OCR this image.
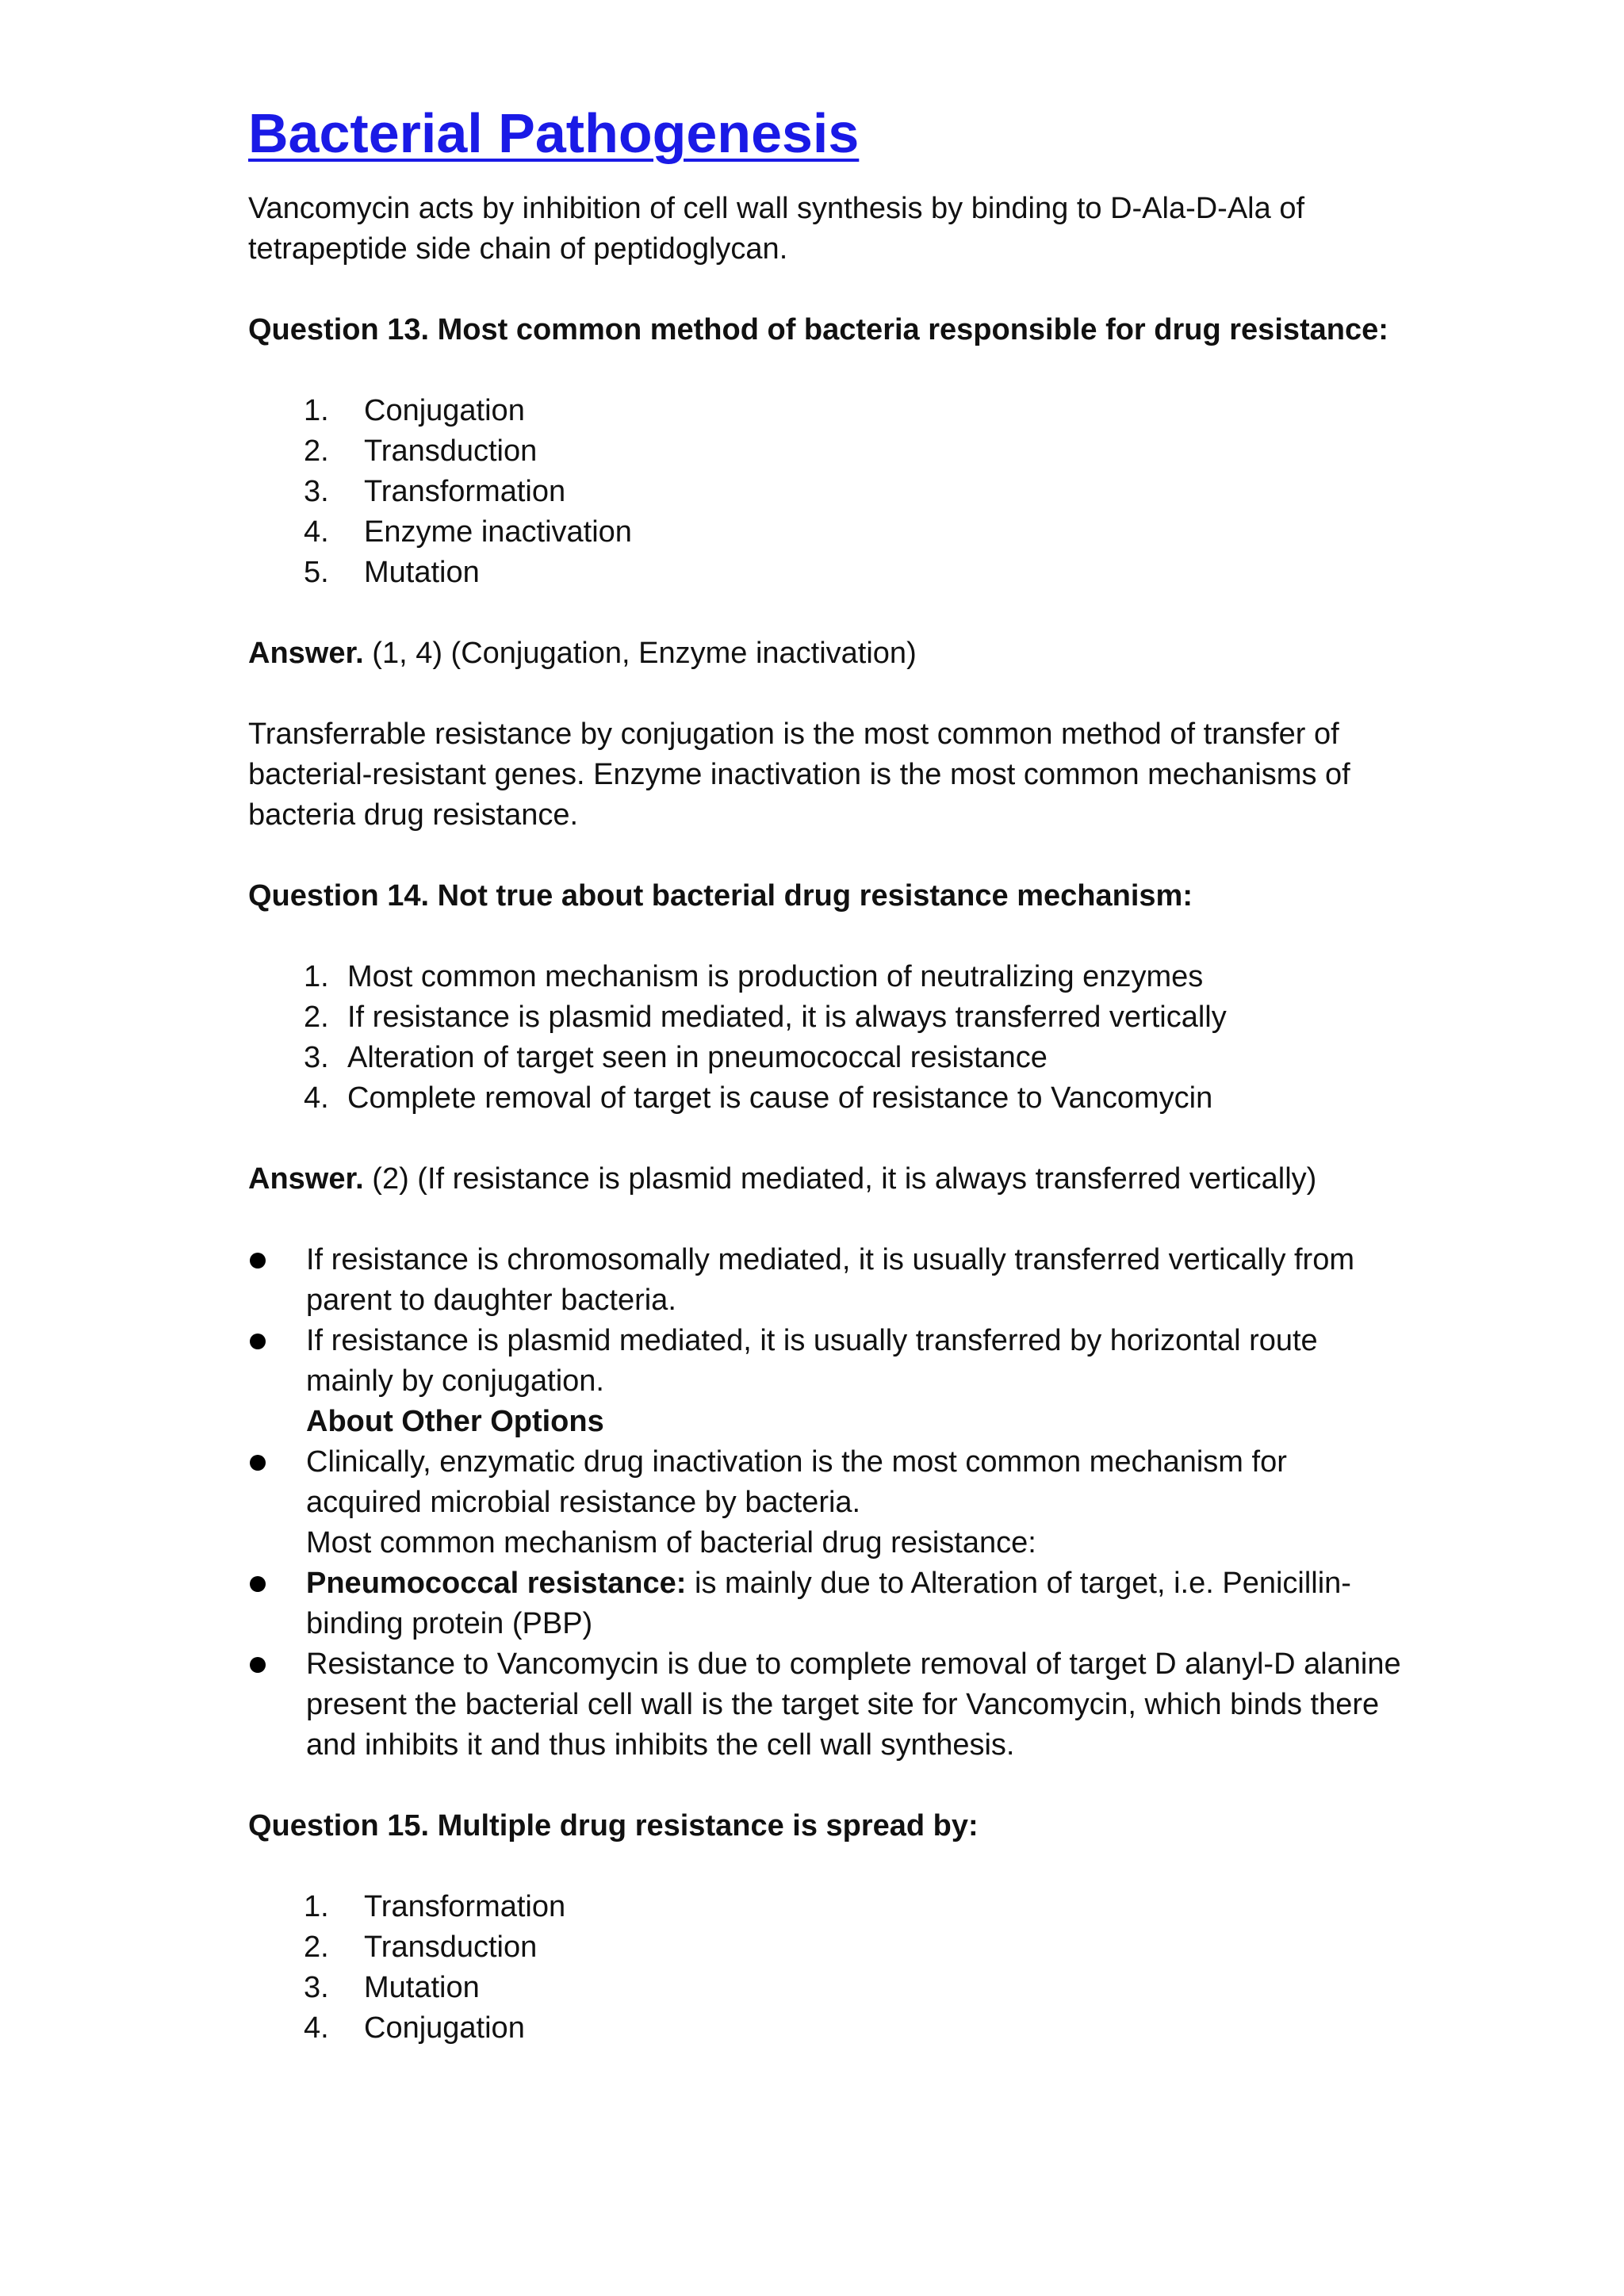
Bacterial Pathogenesis

Vancomycin acts by inhibition of cell wall synthesis by binding to D-Ala-D-Ala of tetrapeptide side chain of peptidoglycan.

Question 13. Most common method of bacteria responsible for drug resistance:

1. Conjugation
2. Transduction
3. Transformation
4. Enzyme inactivation
5. Mutation

Answer. (1, 4) (Conjugation, Enzyme inactivation)

Transferrable resistance by conjugation is the most common method of transfer of bacterial-resistant genes. Enzyme inactivation is the most common mechanisms of bacteria drug resistance.

Question 14. Not true about bacterial drug resistance mechanism:

1. Most common mechanism is production of neutralizing enzymes
2. If resistance is plasmid mediated, it is always transferred vertically
3. Alteration of target seen in pneumococcal resistance
4. Complete removal of target is cause of resistance to Vancomycin

Answer. (2) (If resistance is plasmid mediated, it is always transferred vertically)

If resistance is chromosomally mediated, it is usually transferred vertically from parent to daughter bacteria.
If resistance is plasmid mediated, it is usually transferred by horizontal route mainly by conjugation.
About Other Options
Clinically, enzymatic drug inactivation is the most common mechanism for acquired microbial resistance by bacteria.
Most common mechanism of bacterial drug resistance:
Pneumococcal resistance: is mainly due to Alteration of target, i.e. Penicillin-binding protein (PBP)
Resistance to Vancomycin is due to complete removal of target D alanyl-D alanine present the bacterial cell wall is the target site for Vancomycin, which binds there and inhibits it and thus inhibits the cell wall synthesis.

Question 15. Multiple drug resistance is spread by:

1. Transformation
2. Transduction
3. Mutation
4. Conjugation
